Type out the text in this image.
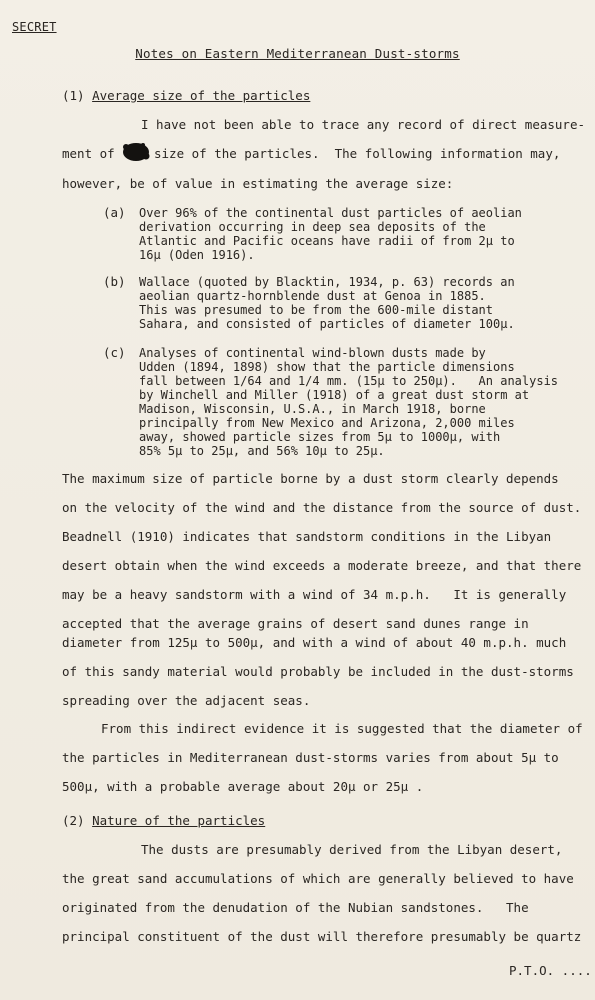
SECRET
Notes on Eastern Mediterranean Dust-storms
(1) Average size of the particles
I have not been able to trace any record of direct measure-
ment of	size of the particles.  The following information may,
however, be of value in estimating the average size:
(a) Over 96% of the continental dust particles of aeolian
derivation occurring in deep sea deposits of the
Atlantic and Pacific oceans have radii of from 2μ to
16μ (Oden 1916).
(b) Wallace (quoted by Blacktin, 1934, p. 63) records an
aeolian quartz-hornblende dust at Genoa in 1885.
This was presumed to be from the 600-mile distant
Sahara, and consisted of particles of diameter 100μ.
(c) Analyses of continental wind-blown dusts made by
Udden (1894, 1898) show that the particle dimensions
fall between 1/64 and 1/4 mm. (15μ to 250μ).   An analysis
by Winchell and Miller (1918) of a great dust storm at
Madison, Wisconsin, U.S.A., in March 1918, borne
principally from New Mexico and Arizona, 2,000 miles
away, showed particle sizes from 5μ to 1000μ, with
85% 5μ to 25μ, and 56% 10μ to 25μ.
The maximum size of particle borne by a dust storm clearly depends
on the velocity of the wind and the distance from the source of dust.
Beadnell (1910) indicates that sandstorm conditions in the Libyan
desert obtain when the wind exceeds a moderate breeze, and that there
may be a heavy sandstorm with a wind of 34 m.p.h.   It is generally
accepted that the average grains of desert sand dunes range in
diameter from 125μ to 500μ, and with a wind of about 40 m.p.h. much
of this sandy material would probably be included in the dust-storms
spreading over the adjacent seas.
From this indirect evidence it is suggested that the diameter of
the particles in Mediterranean dust-storms varies from about 5μ to
500μ, with a probable average about 20μ or 25μ .
(2) Nature of the particles
The dusts are presumably derived from the Libyan desert,
the great sand accumulations of which are generally believed to have
originated from the denudation of the Nubian sandstones.   The
principal constituent of the dust will therefore presumably be quartz
P.T.O. ....
